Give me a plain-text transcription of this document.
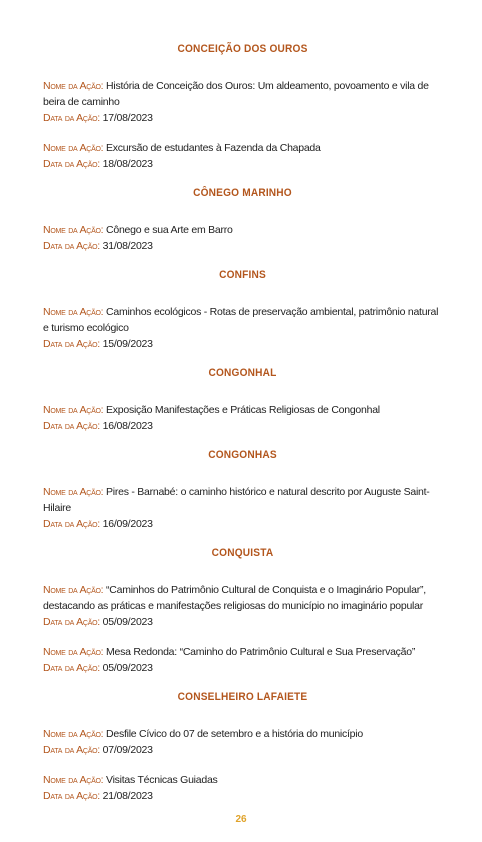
CONCEIÇÃO DOS OUROS
Nome da Ação: História de Conceição dos Ouros: Um aldeamento, povoamento e vila de beira de caminho
Data da Ação: 17/08/2023
Nome da Ação: Excursão de estudantes à Fazenda da Chapada
Data da Ação: 18/08/2023
CÔNEGO MARINHO
Nome da Ação: Cônego e sua Arte em Barro
Data da Ação: 31/08/2023
CONFINS
Nome da Ação: Caminhos ecológicos - Rotas de preservação ambiental, patrimônio natural e turismo ecológico
Data da Ação: 15/09/2023
CONGONHAL
Nome da Ação: Exposição Manifestações e Práticas Religiosas de Congonhal
Data da Ação: 16/08/2023
CONGONHAS
Nome da Ação: Pires - Barnabé: o caminho histórico e natural descrito por Auguste Saint-Hilaire
Data da Ação: 16/09/2023
CONQUISTA
Nome da Ação: “Caminhos do Patrimônio Cultural de Conquista e o Imaginário Popular”, destacando as práticas e manifestações religiosas do município no imaginário popular
Data da Ação: 05/09/2023
Nome da Ação: Mesa Redonda: “Caminho do Patrimônio Cultural e Sua Preservação”
Data da Ação: 05/09/2023
CONSELHEIRO LAFAIETE
Nome da Ação: Desfile Cívico do 07 de setembro e a história do município
Data da Ação: 07/09/2023
Nome da Ação: Visitas Técnicas Guiadas
Data da Ação: 21/08/2023
26
